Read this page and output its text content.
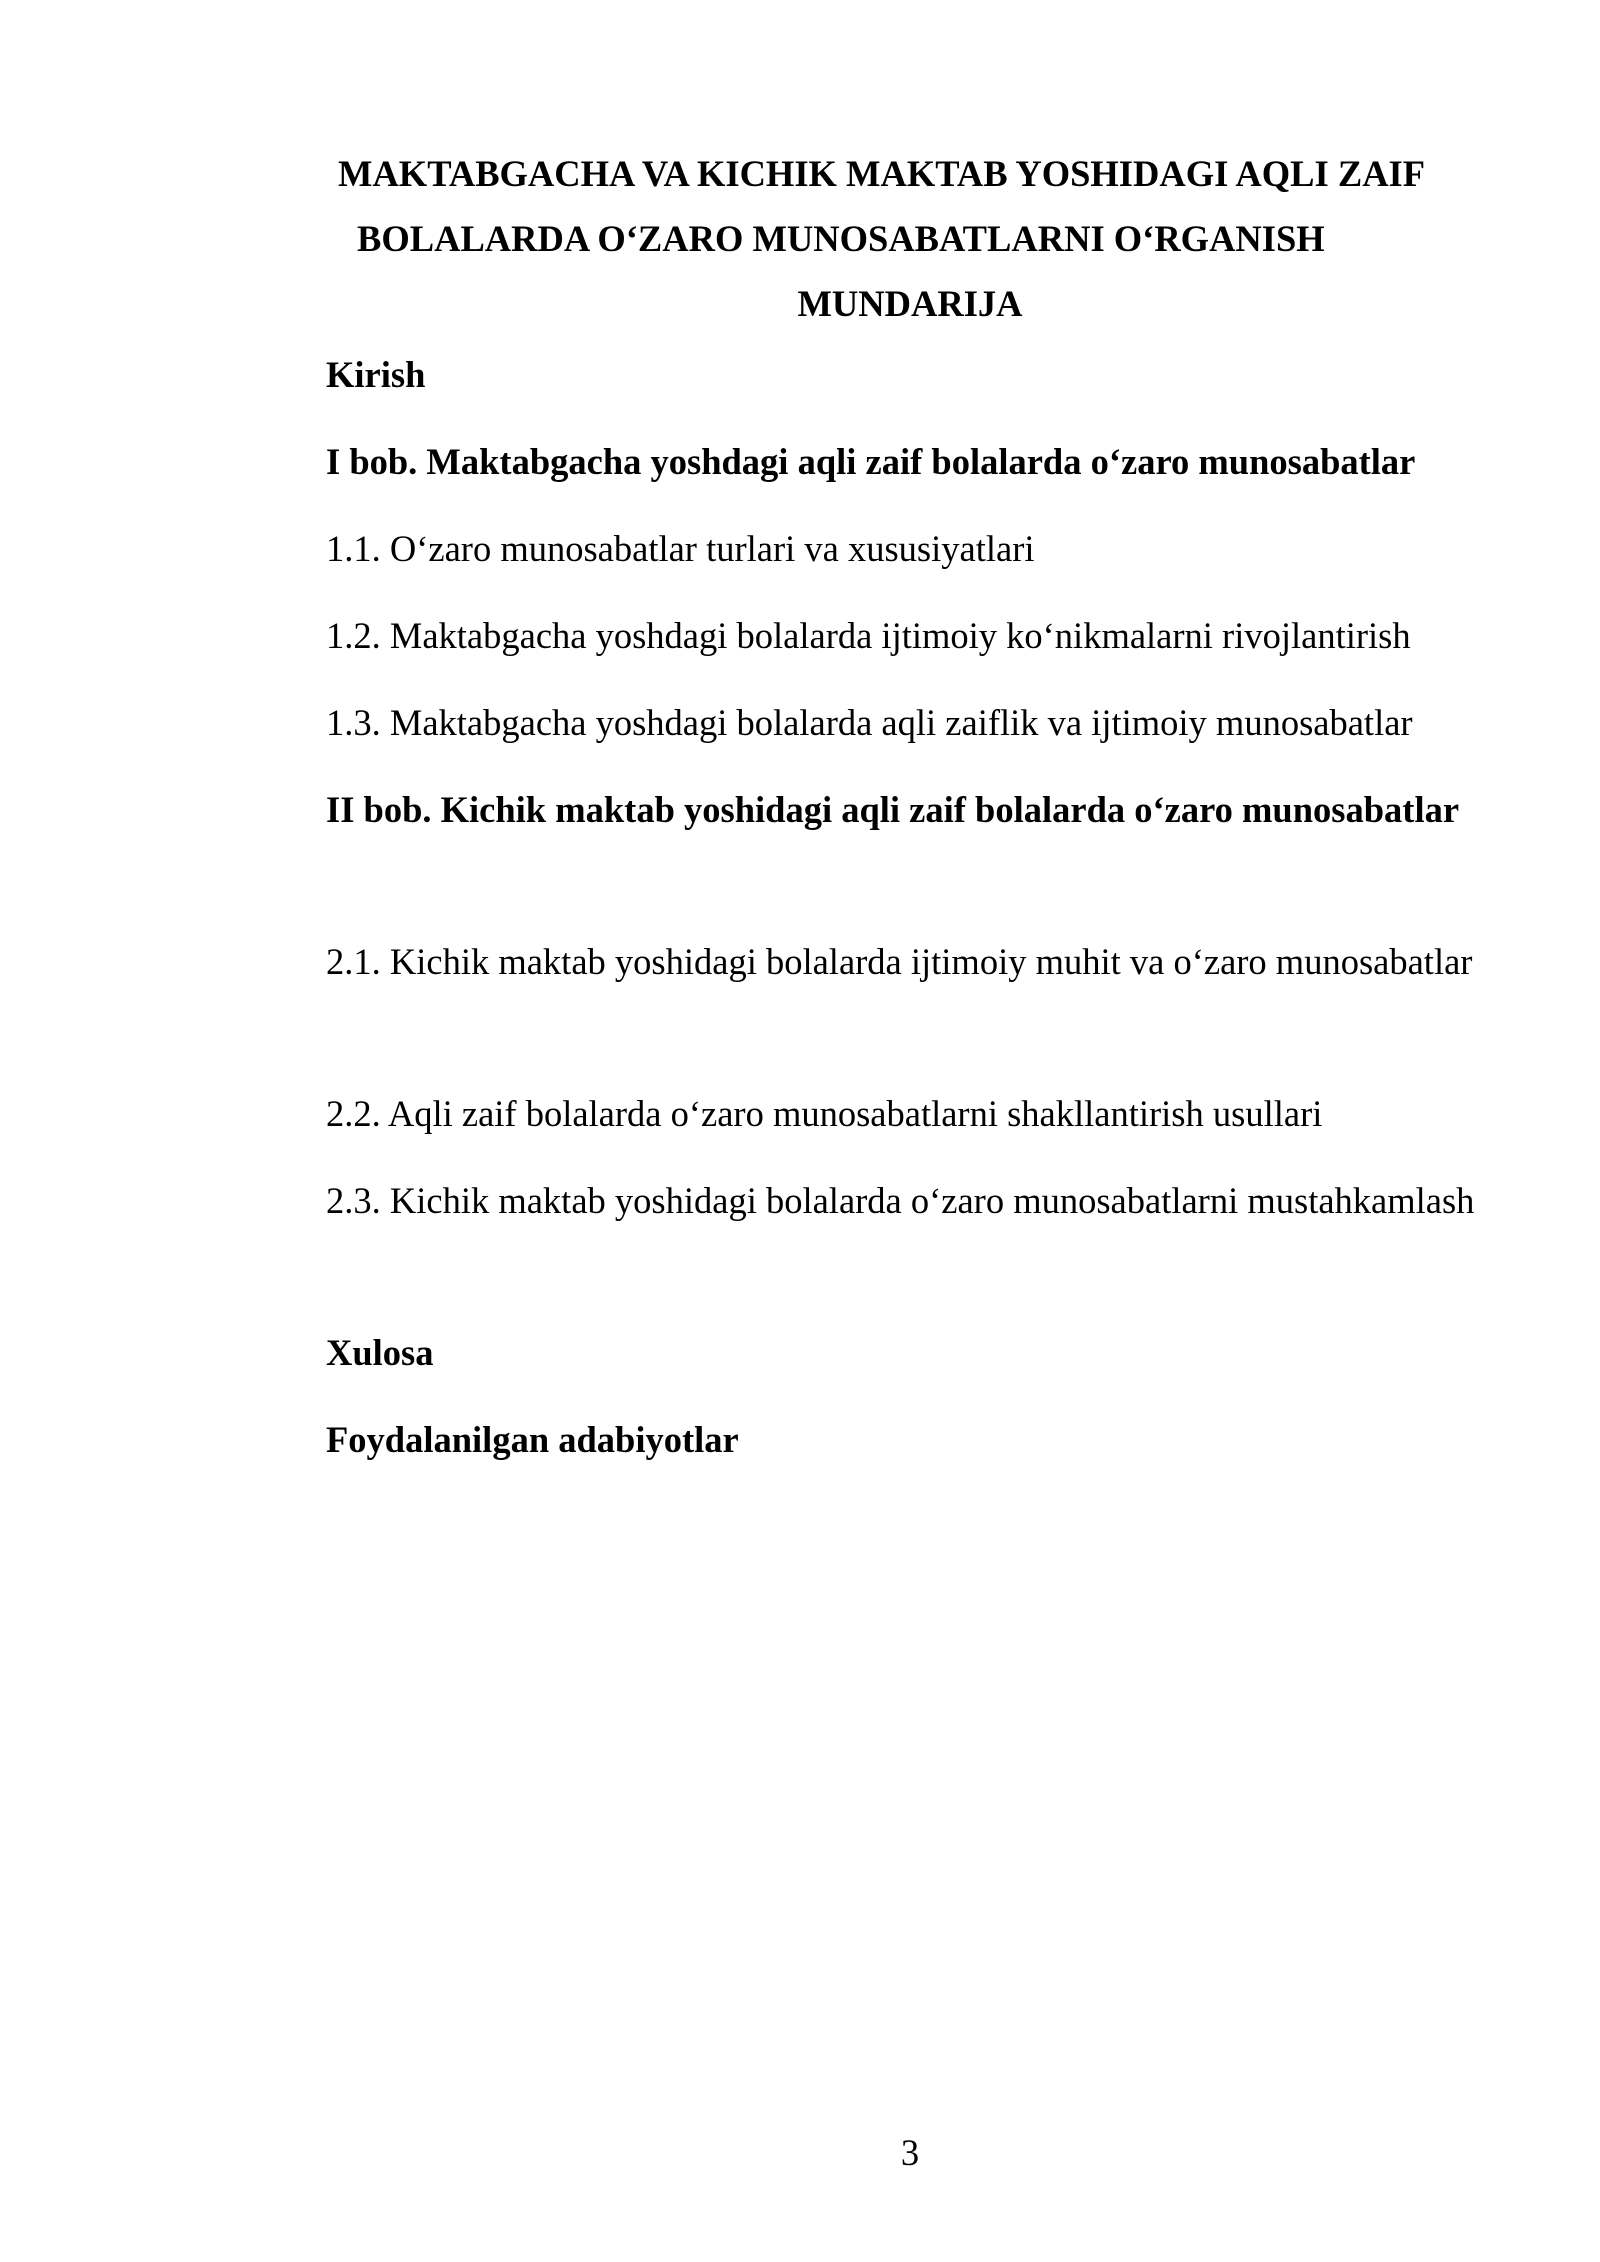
MAKTABGACHA VA KICHIK MAKTAB YOSHIDAGI AQLI ZAIF
BOLALARDA O‘ZARO MUNOSABATLARNI O‘RGANISH
MUNDARIJA
Kirish
I bob. Maktabgacha yoshdagi aqli zaif bolalarda o‘zaro munosabatlar
1.1. O‘zaro munosabatlar turlari va xususiyatlari
1.2. Maktabgacha yoshdagi bolalarda ijtimoiy ko‘nikmalarni rivojlantirish
1.3. Maktabgacha yoshdagi bolalarda aqli zaiflik va ijtimoiy munosabatlar
II bob. Kichik maktab yoshidagi aqli zaif bolalarda o‘zaro munosabatlar
2.1. Kichik maktab yoshidagi bolalarda ijtimoiy muhit va o‘zaro munosabatlar
2.2. Aqli zaif bolalarda o‘zaro munosabatlarni shakllantirish usullari
2.3. Kichik maktab yoshidagi bolalarda o‘zaro munosabatlarni mustahkamlash
Xulosa
Foydalanilgan adabiyotlar
3
